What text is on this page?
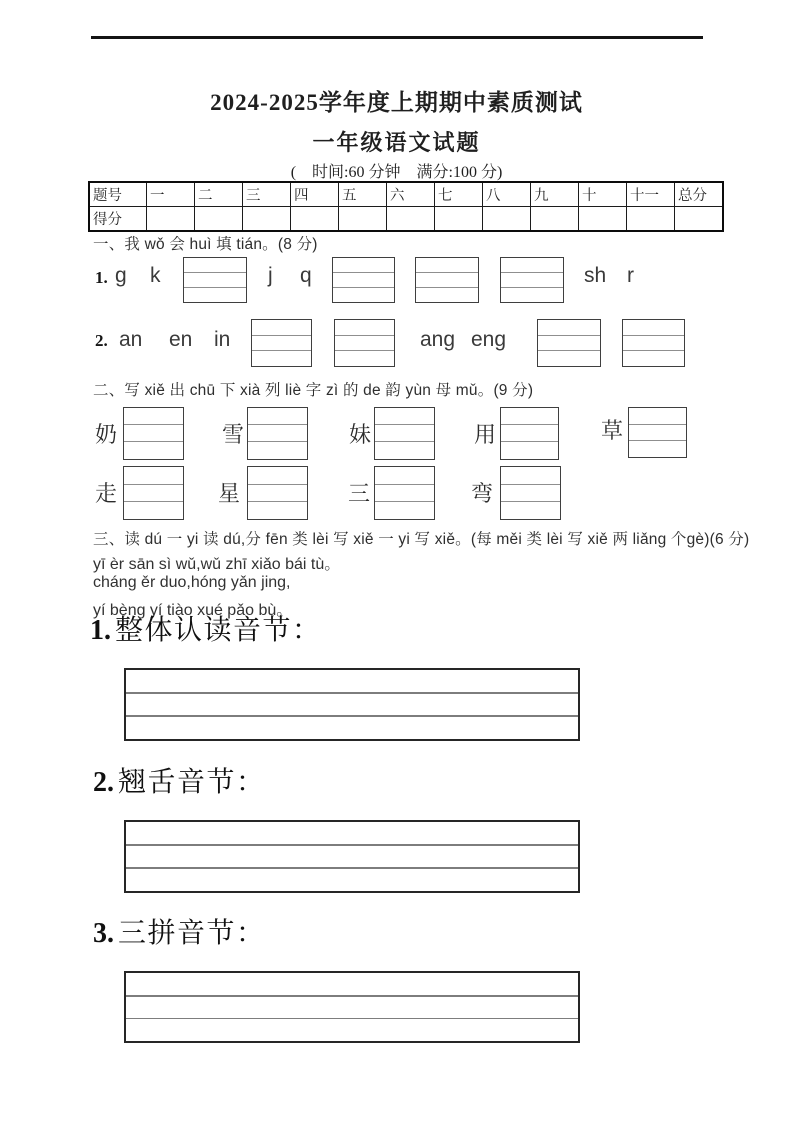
2024-2025学年度上期期中素质测试
一年级语文试题
(　时间:60 分钟　满分:100 分)
题号	一	二	三	四	五	六	七	八	九	十	十一	总分
得分												
一、我 wǒ 会 huì 填 tián。(8 分)
1. g k	j q	sh r
2. an en in	ang eng
二、写 xiě 出 chū 下 xià 列 liè 字 zì 的 de 韵 yùn 母 mǔ。(9 分)
奶	雪	妹	用	草
走	星	三	弯
三、读 dú 一 yi 读 dú,分 fēn 类 lèi 写 xiě 一 yi 写 xiě。(每 měi 类 lèi 写 xiě 两 liǎng 个gè)(6 分)
yī èr sān sì wǔ,wǔ zhī xiǎo bái tù。
cháng ěr duo,hóng yǎn jing,
yí bèng yí tiào xué pǎo bù。
1. 整体认读音节：
2. 翘舌音节：
3. 三拼音节：
